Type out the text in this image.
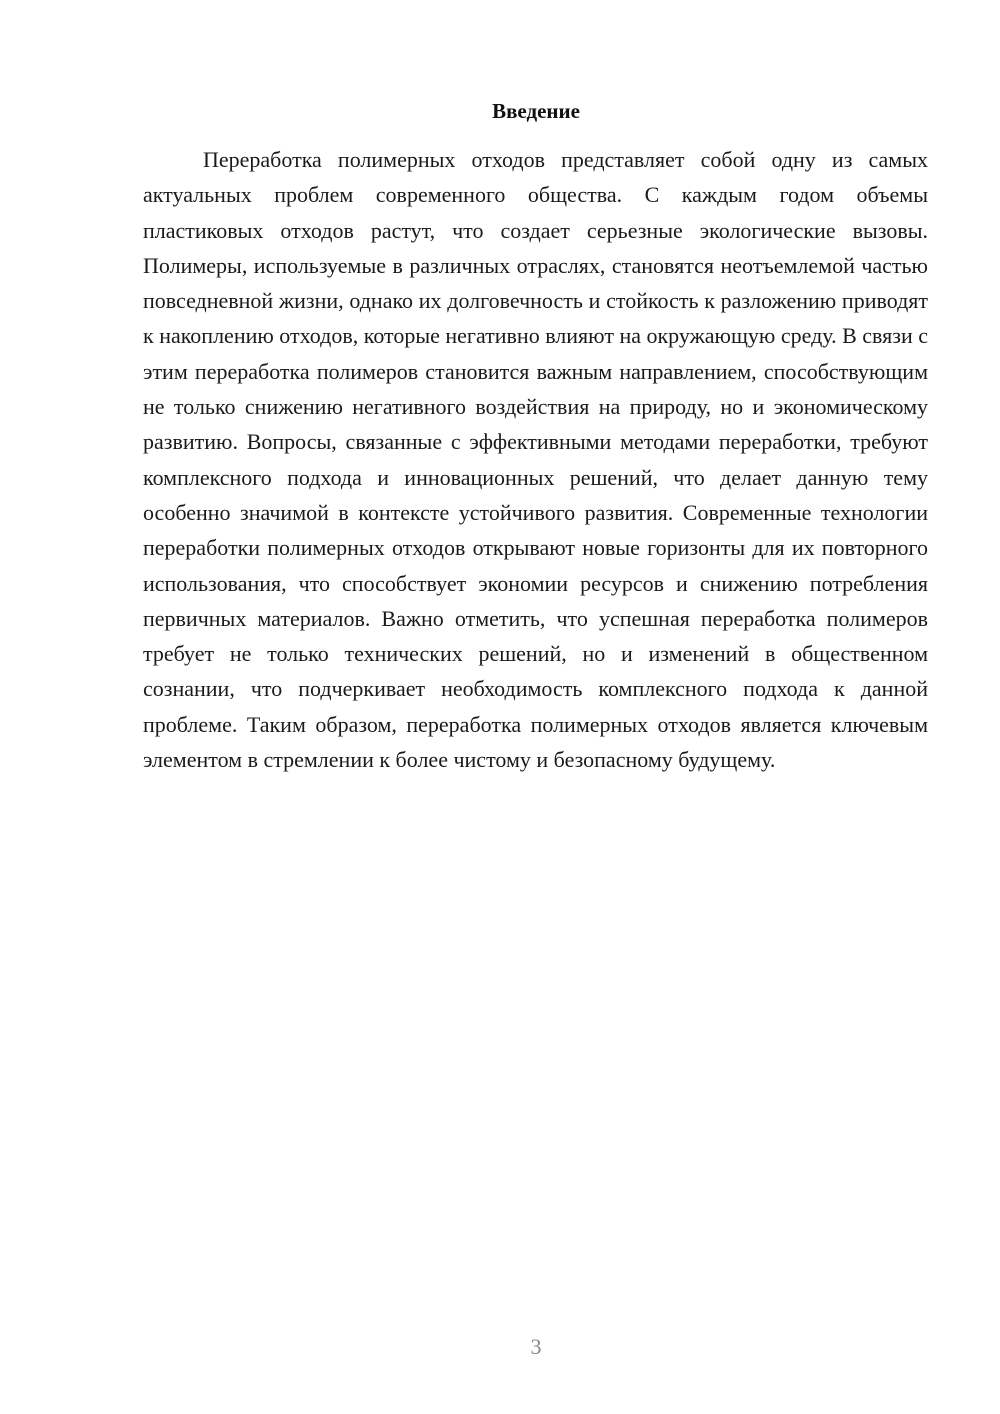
Введение

Переработка полимерных отходов представляет собой одну из самых актуальных проблем современного общества. С каждым годом объемы пластиковых отходов растут, что создает серьезные экологические вызовы. Полимеры, используемые в различных отраслях, становятся неотъемлемой частью повседневной жизни, однако их долговечность и стойкость к разложению приводят к накоплению отходов, которые негативно влияют на окружающую среду. В связи с этим переработка полимеров становится важным направлением, способствующим не только снижению негативного воздействия на природу, но и экономическому развитию. Вопросы, связанные с эффективными методами переработки, требуют комплексного подхода и инновационных решений, что делает данную тему особенно значимой в контексте устойчивого развития. Современные технологии переработки полимерных отходов открывают новые горизонты для их повторного использования, что способствует экономии ресурсов и снижению потребления первичных материалов. Важно отметить, что успешная переработка полимеров требует не только технических решений, но и изменений в общественном сознании, что подчеркивает необходимость комплексного подхода к данной проблеме. Таким образом, переработка полимерных отходов является ключевым элементом в стремлении к более чистому и безопасному будущему.

3
